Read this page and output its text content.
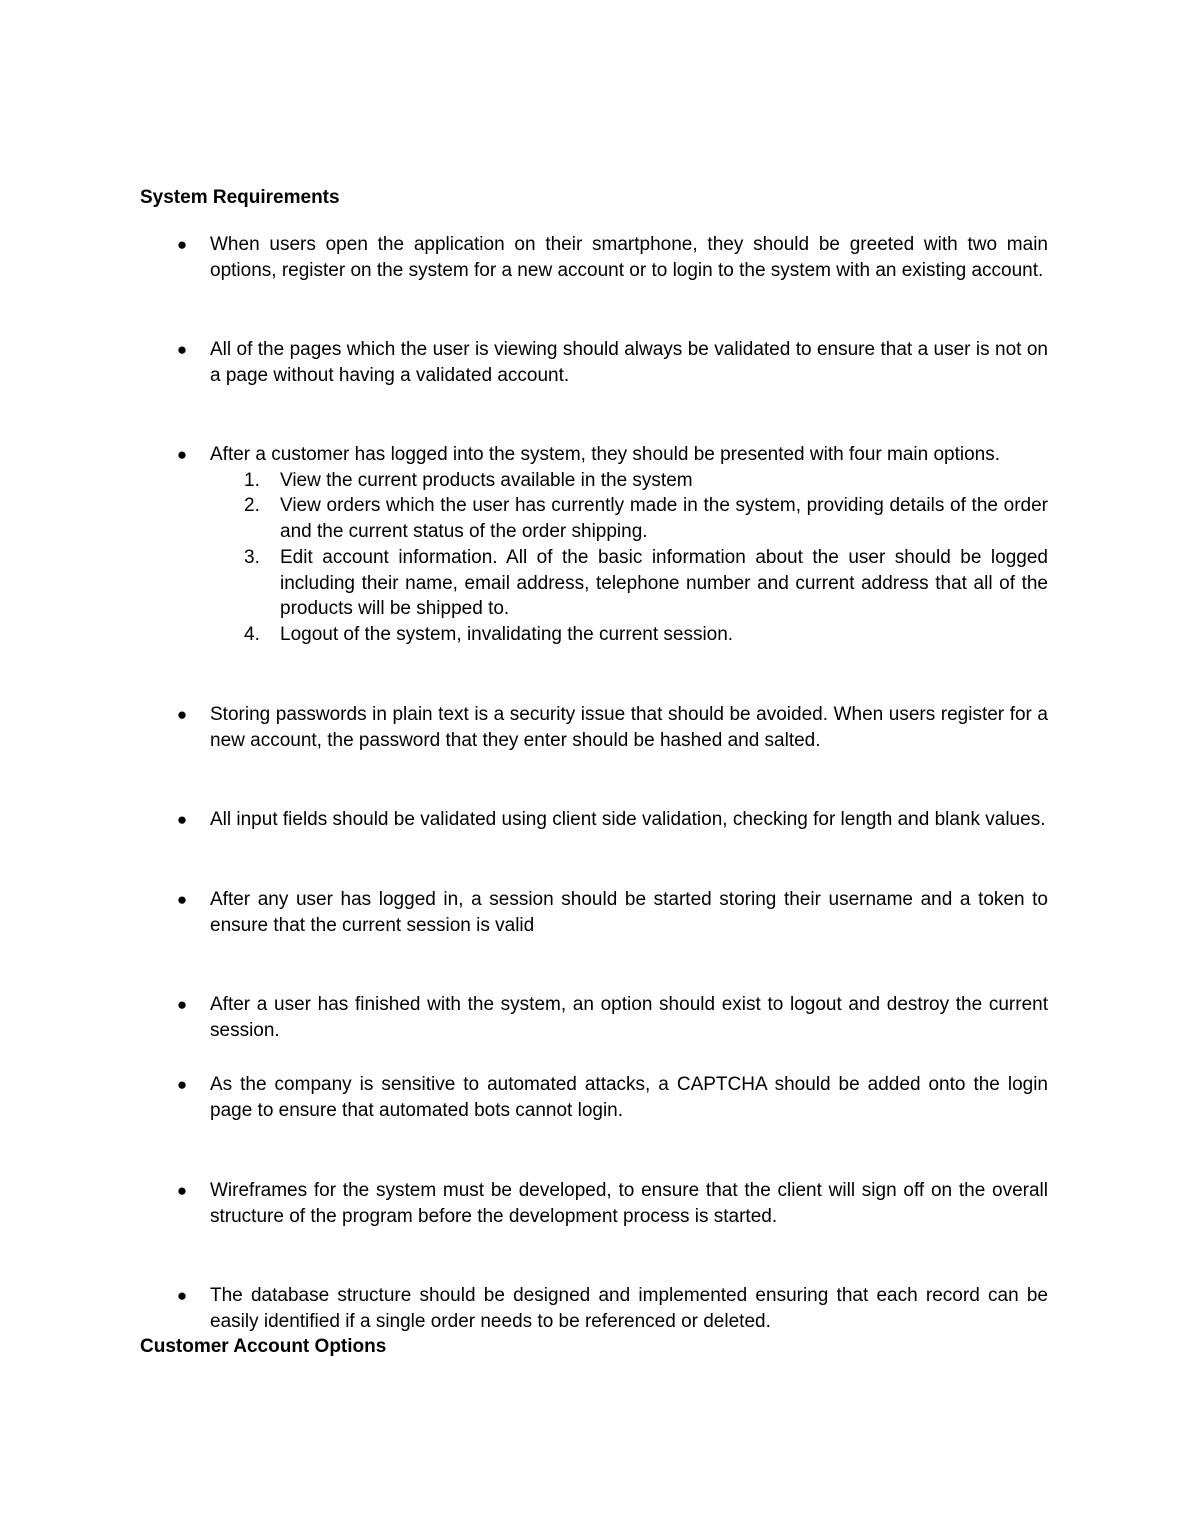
System Requirements
● When users open the application on their smartphone, they should be greeted with two main options, register on the system for a new account or to login to the system with an existing account.
● All of the pages which the user is viewing should always be validated to ensure that a user is not on a page without having a validated account.
● After a customer has logged into the system, they should be presented with four main options.
1. View the current products available in the system
2. View orders which the user has currently made in the system, providing details of the order and the current status of the order shipping.
3. Edit account information. All of the basic information about the user should be logged including their name, email address, telephone number and current address that all of the products will be shipped to.
4. Logout of the system, invalidating the current session.
● Storing passwords in plain text is a security issue that should be avoided. When users register for a new account, the password that they enter should be hashed and salted.
● All input fields should be validated using client side validation, checking for length and blank values.
● After any user has logged in, a session should be started storing their username and a token to ensure that the current session is valid
● After a user has finished with the system, an option should exist to logout and destroy the current session.
● As the company is sensitive to automated attacks, a CAPTCHA should be added onto the login page to ensure that automated bots cannot login.
● Wireframes for the system must be developed, to ensure that the client will sign off on the overall structure of the program before the development process is started.
● The database structure should be designed and implemented ensuring that each record can be easily identified if a single order needs to be referenced or deleted.
Customer Account Options
